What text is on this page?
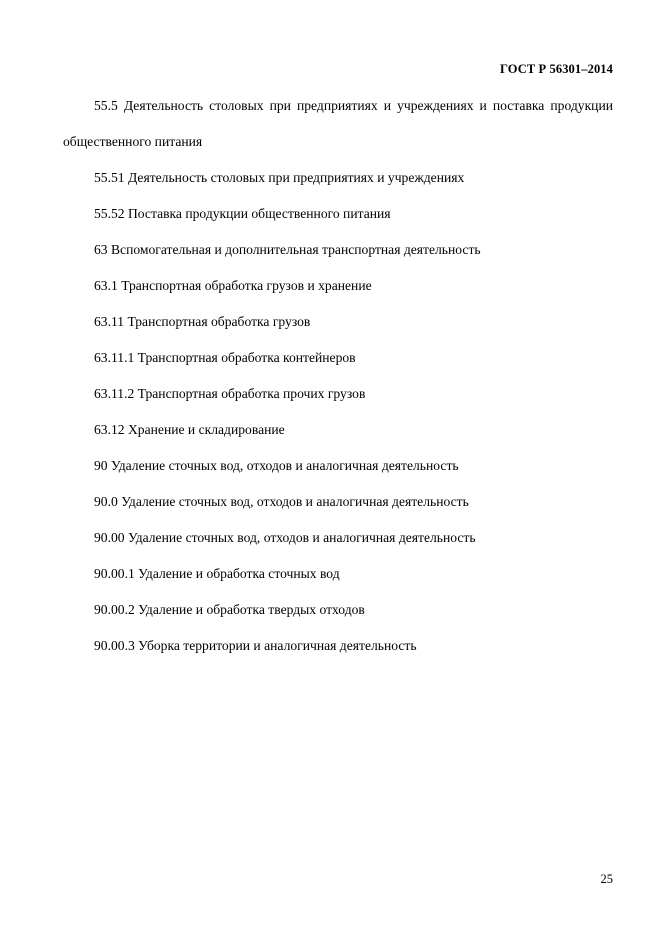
ГОСТ Р 56301–2014

55.5 Деятельность столовых при предприятиях и учреждениях и поставка продукции общественного питания

55.51 Деятельность столовых при предприятиях и учреждениях

55.52 Поставка продукции общественного питания

63 Вспомогательная и дополнительная транспортная деятельность

63.1 Транспортная обработка грузов и хранение

63.11 Транспортная обработка грузов

63.11.1 Транспортная обработка контейнеров

63.11.2 Транспортная обработка прочих грузов

63.12 Хранение и складирование

90 Удаление сточных вод, отходов и аналогичная деятельность

90.0 Удаление сточных вод, отходов и аналогичная деятельность

90.00 Удаление сточных вод, отходов и аналогичная деятельность

90.00.1 Удаление и обработка сточных вод

90.00.2 Удаление и обработка твердых отходов

90.00.3 Уборка территории и аналогичная деятельность

25
